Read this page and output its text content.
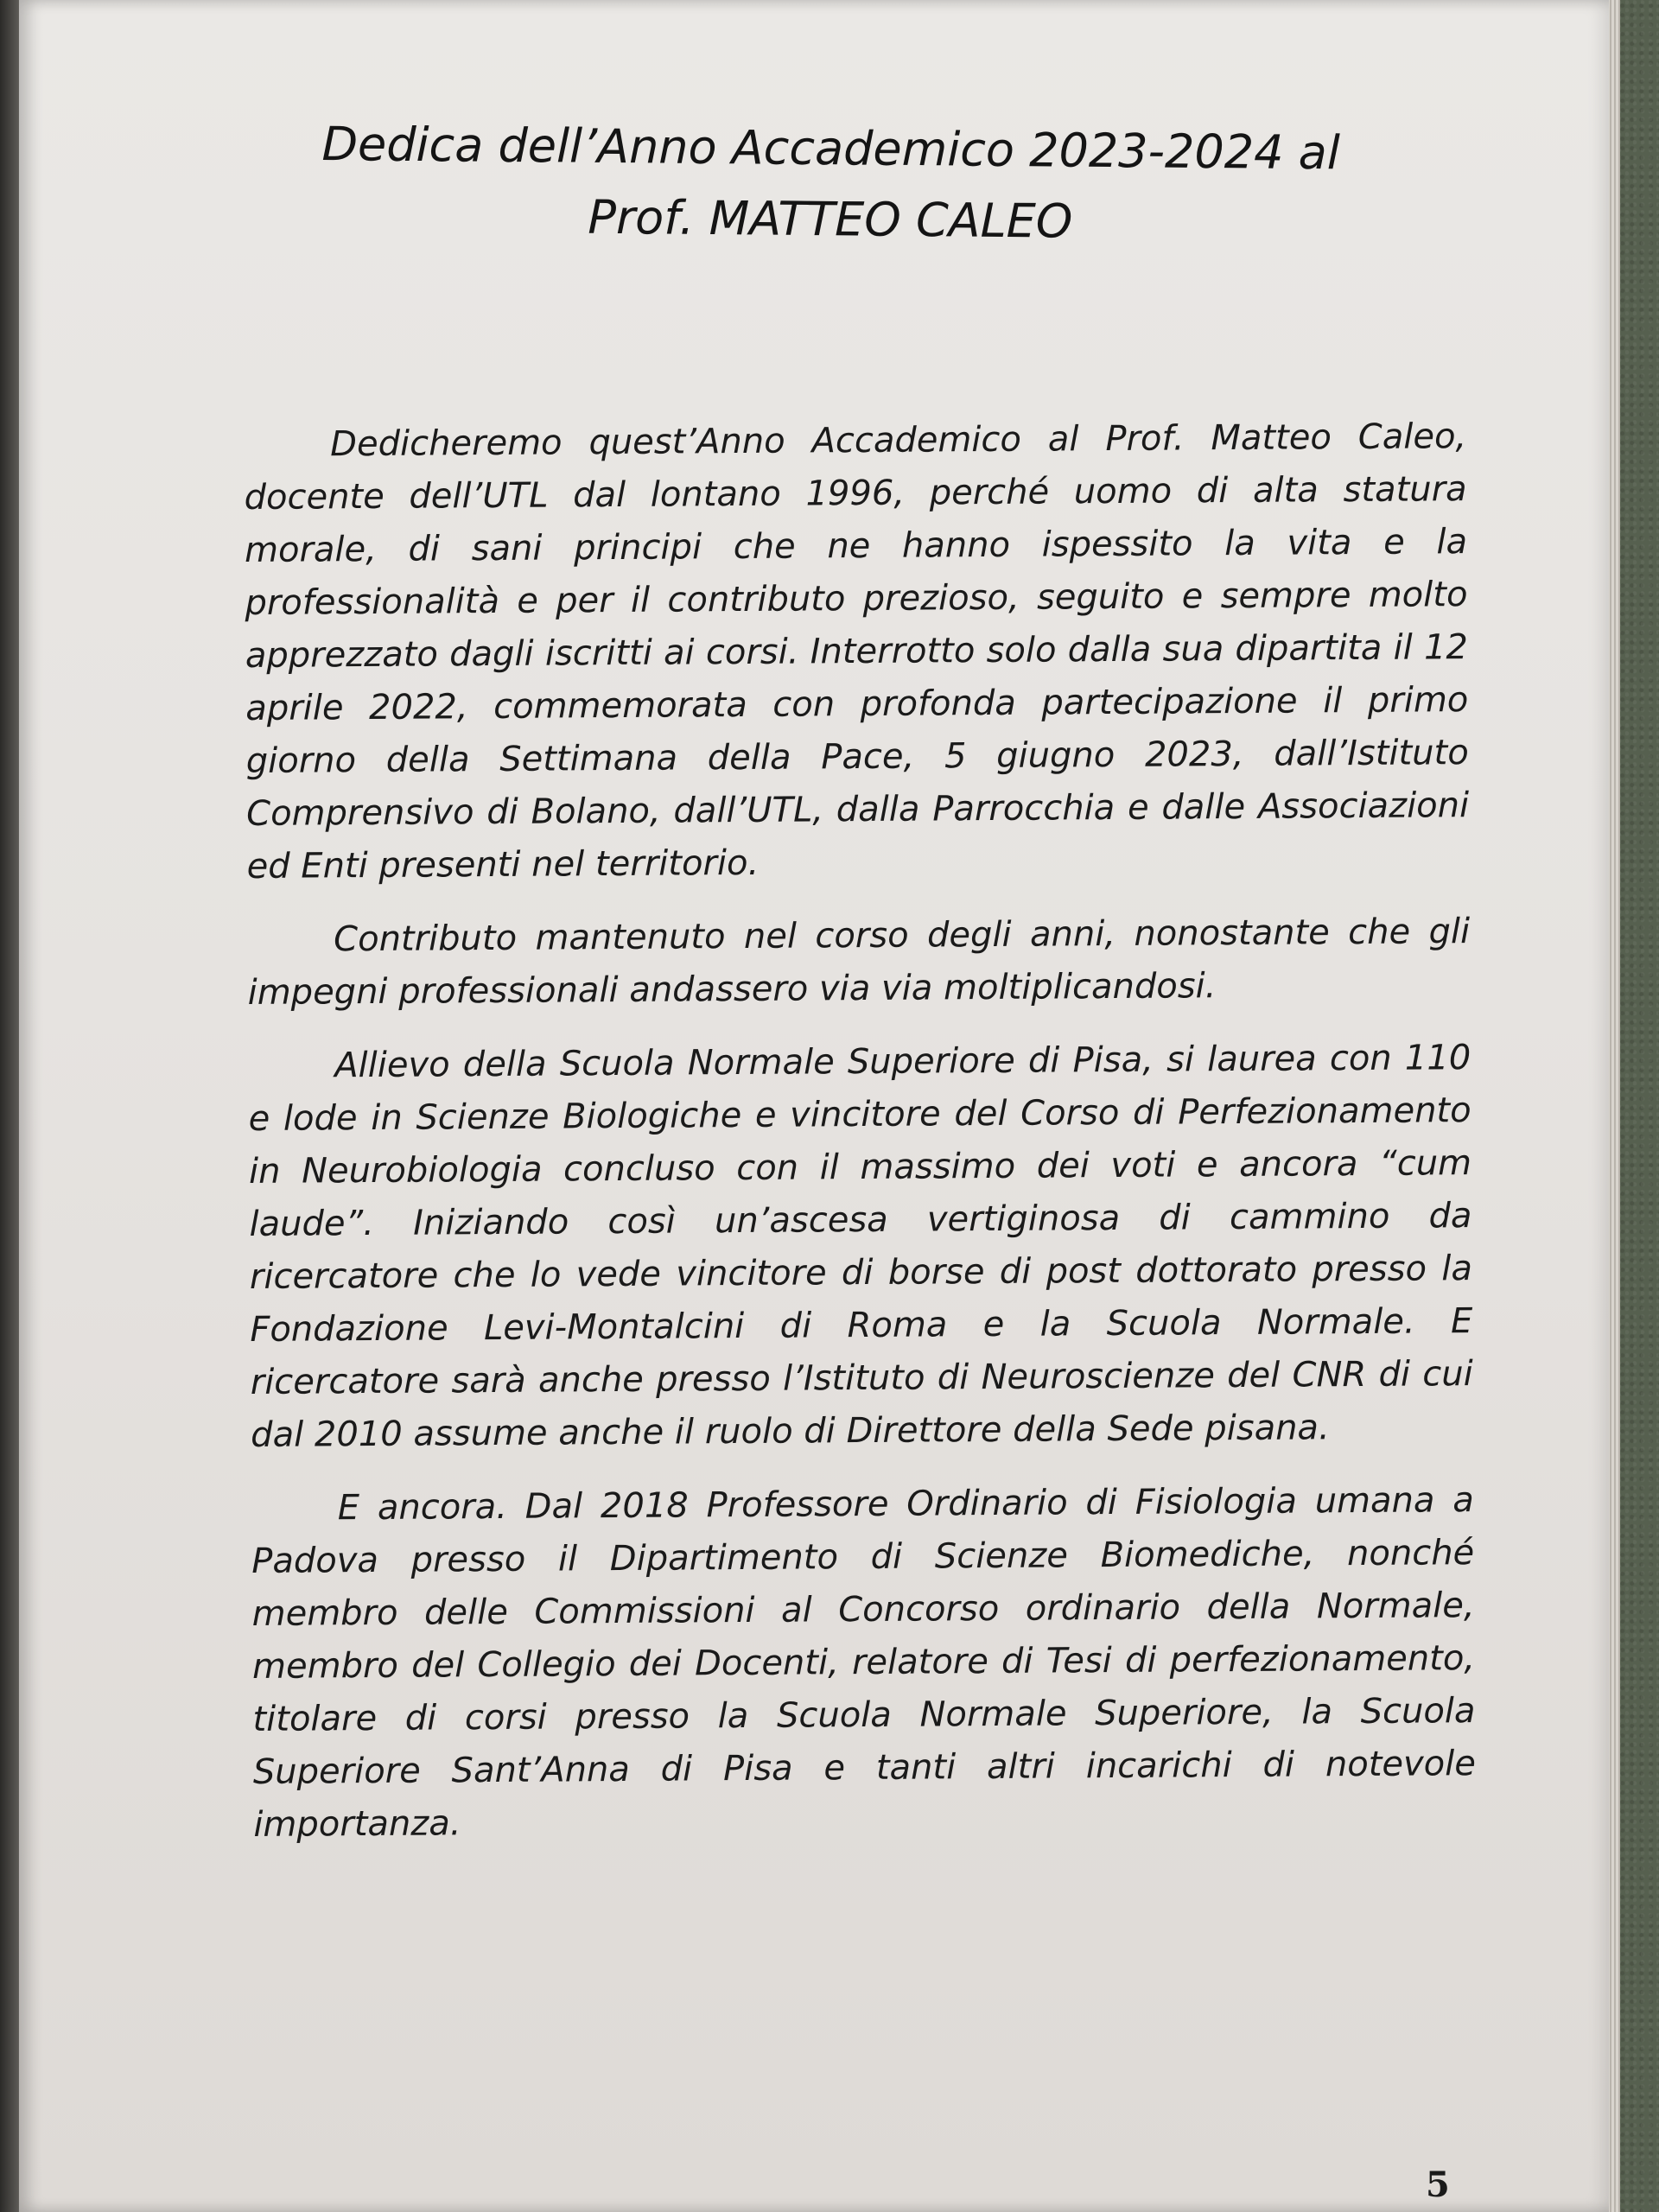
Dedica dell’Anno Accademico 2023-2024 al
Prof. MATTEO CALEO

Dedicheremo quest’Anno Accademico al Prof. Matteo Caleo, docente dell’UTL dal lontano 1996, perché uomo di alta statura morale, di sani principi che ne hanno ispessito la vita e la professionalità e per il contributo prezioso, seguito e sempre molto apprezzato dagli iscritti ai corsi. Interrotto solo dalla sua dipartita il 12 aprile 2022, commemorata con profonda partecipazione il primo giorno della Settimana della Pace, 5 giugno 2023, dall’Istituto Comprensivo di Bolano, dall’UTL, dalla Parrocchia e dalle Associazioni ed Enti presenti nel territorio.

Contributo mantenuto nel corso degli anni, nonostante che gli impegni professionali andassero via via moltiplicandosi.

Allievo della Scuola Normale Superiore di Pisa, si laurea con 110 e lode in Scienze Biologiche e vincitore del Corso di Perfezionamento in Neurobiologia concluso con il massimo dei voti e ancora “cum laude”. Iniziando così un’ascesa vertiginosa di cammino da ricercatore che lo vede vincitore di borse di post dottorato presso la Fondazione Levi-Montalcini di Roma e la Scuola Normale. E ricercatore sarà anche presso l’Istituto di Neuroscienze del CNR di cui dal 2010 assume anche il ruolo di Direttore della Sede pisana.

E ancora. Dal 2018 Professore Ordinario di Fisiologia umana a Padova presso il Dipartimento di Scienze Biomediche, nonché membro delle Commissioni al Concorso ordinario della Normale, membro del Collegio dei Docenti, relatore di Tesi di perfezionamento, titolare di corsi presso la Scuola Normale Superiore, la Scuola Superiore Sant’Anna di Pisa e tanti altri incarichi di notevole importanza.

5
